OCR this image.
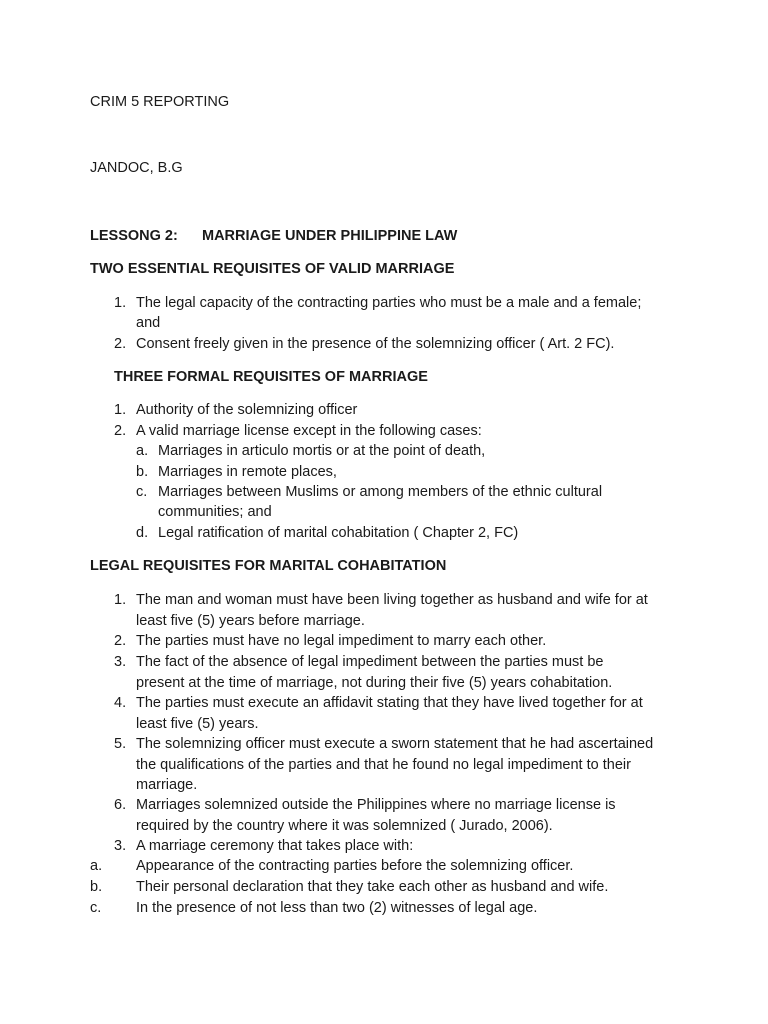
CRIM 5 REPORTING
JANDOC, B.G
LESSONG 2: MARRIAGE UNDER PHILIPPINE LAW
TWO ESSENTIAL REQUISITES OF VALID MARRIAGE
1. The legal capacity of the contracting parties who must be a male and a female;
and
2. Consent freely given in the presence of the solemnizing officer ( Art. 2 FC).
THREE FORMAL REQUISITES OF MARRIAGE
1. Authority of the solemnizing officer
2. A valid marriage license except in the following cases:
a. Marriages in articulo mortis or at the point of death,
b. Marriages in remote places,
c. Marriages between Muslims or among members of the ethnic cultural
communities; and
d. Legal ratification of marital cohabitation ( Chapter 2, FC)
LEGAL REQUISITES FOR MARITAL COHABITATION
1. The man and woman must have been living together as husband and wife for at
least five (5) years before marriage.
2. The parties must have no legal impediment to marry each other.
3. The fact of the absence of legal impediment between the parties must be
present at the time of marriage, not during their five (5) years cohabitation.
4. The parties must execute an affidavit stating that they have lived together for at
least five (5) years.
5. The solemnizing officer must execute a sworn statement that he had ascertained
the qualifications of the parties and that he found no legal impediment to their
marriage.
6. Marriages solemnized outside the Philippines where no marriage license is
required by the country where it was solemnized ( Jurado, 2006).
3. A marriage ceremony that takes place with:
a. Appearance of the contracting parties before the solemnizing officer.
b. Their personal declaration that they take each other as husband and wife.
c. In the presence of not less than two (2) witnesses of legal age.
